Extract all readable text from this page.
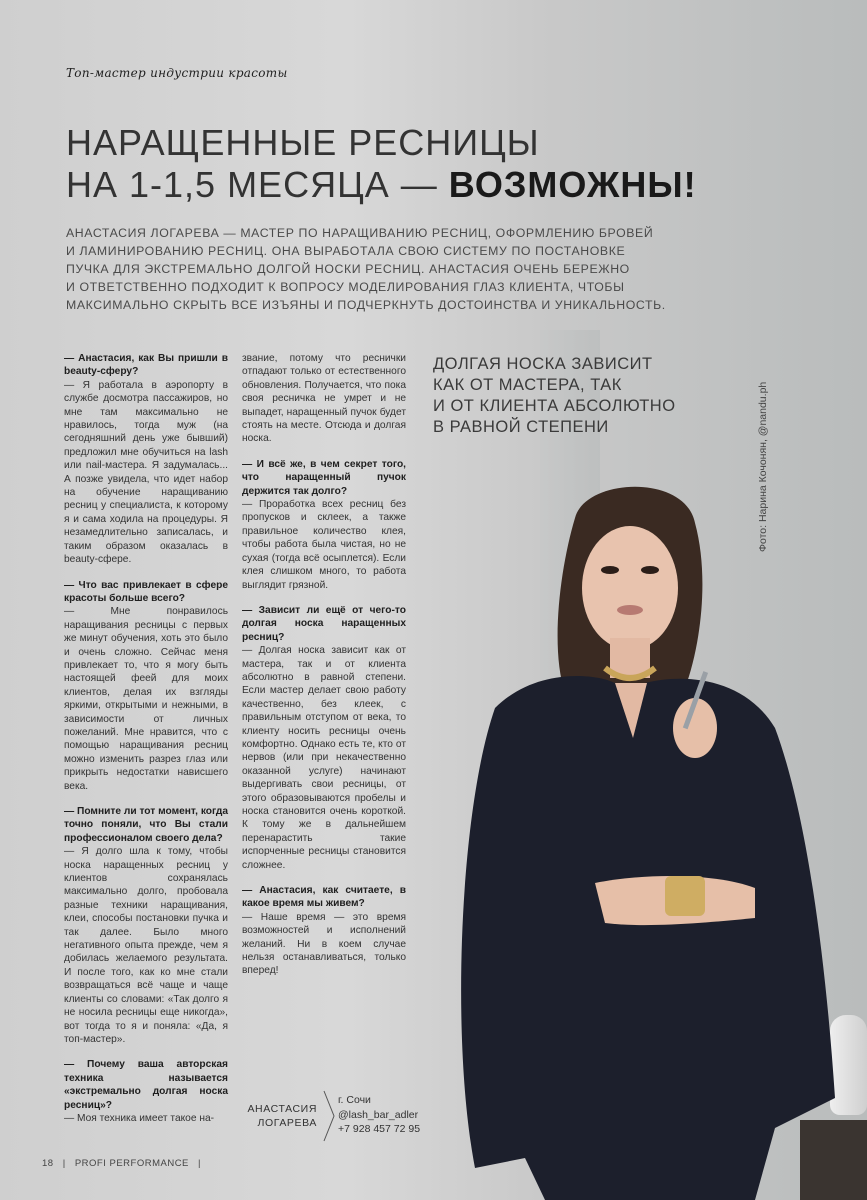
Топ-мастер индустрии красоты
НАРАЩЕННЫЕ РЕСНИЦЫ
НА 1-1,5 МЕСЯЦА — ВОЗМОЖНЫ!

АНАСТАСИЯ ЛОГАРЕВА — МАСТЕР ПО НАРАЩИВАНИЮ РЕСНИЦ, ОФОРМЛЕНИЮ БРОВЕЙ
И ЛАМИНИРОВАНИЮ РЕСНИЦ. ОНА ВЫРАБОТАЛА СВОЮ СИСТЕМУ ПО ПОСТАНОВКЕ
ПУЧКА ДЛЯ ЭКСТРЕМАЛЬНО ДОЛГОЙ НОСКИ РЕСНИЦ. АНАСТАСИЯ ОЧЕНЬ БЕРЕЖНО
И ОТВЕТСТВЕННО ПОДХОДИТ К ВОПРОСУ МОДЕЛИРОВАНИЯ ГЛАЗ КЛИЕНТА, ЧТОБЫ
МАКСИМАЛЬНО СКРЫТЬ ВСЕ ИЗЪЯНЫ И ПОДЧЕРКНУТЬ ДОСТОИНСТВА И УНИКАЛЬНОСТЬ.

— Анастасия, как Вы пришли в beauty-сферу?
— Я работала в аэропорту в службе досмотра пассажиров, но мне там максимально не нравилось, тогда муж (на сегодняшний день уже бывший) предложил мне обучиться на lash или nail-мастера. Я задумалась... А позже увидела, что идет набор на обучение наращиванию ресниц у специалиста, к которому я и сама ходила на процедуры. Я незамедлительно записалась, и таким образом оказалась в beauty-сфере.
— Что вас привлекает в сфере красоты больше всего?
— Мне понравилось наращивания ресницы с первых же минут обучения, хоть это было и очень сложно. Сейчас меня привлекает то, что я могу быть настоящей феей для моих клиентов, делая их взгляды яркими, открытыми и нежными, в зависимости от личных пожеланий. Мне нравится, что с помощью наращивания ресниц можно изменить разрез глаз или прикрыть недостатки нависшего века.
— Помните ли тот момент, когда точно поняли, что Вы стали профессионалом своего дела?
— Я долго шла к тому, чтобы носка наращенных ресниц у клиентов сохранялась максимально долго, пробовала разные техники наращивания, клеи, способы постановки пучка и так далее. Было много негативного опыта прежде, чем я добилась желаемого результата. И после того, как ко мне стали возвращаться всё чаще и чаще клиенты со словами: «Так долго я не носила ресницы еще никогда», вот тогда то я и поняла: «Да, я топ-мастер».
— Почему ваша авторская техника называется «экстремально долгая носка ресниц»?
— Моя техника имеет такое на-
звание, потому что реснички отпадают только от естественного обновления. Получается, что пока своя ресничка не умрет и не выпадет, наращенный пучок будет стоять на месте. Отсюда и долгая носка.
— И всё же, в чем секрет того, что наращенный пучок держится так долго?
— Проработка всех ресниц без пропусков и склеек, а также правильное количество клея, чтобы работа была чистая, но не сухая (тогда всё осыплется). Если клея слишком много, то работа выглядит грязной.
— Зависит ли ещё от чего-то долгая носка наращенных ресниц?
— Долгая носка зависит как от мастера, так и от клиента абсолютно в равной степени. Если мастер делает свою работу качественно, без клеек, с правильным отступом от века, то клиенту носить ресницы очень комфортно. Однако есть те, кто от нервов (или при некачественно оказанной услуге) начинают выдергивать свои ресницы, от этого образовываются пробелы и носка становится очень короткой. К тому же в дальнейшем перенарастить такие испорченные ресницы становится сложнее.
— Анастасия, как считаете, в какое время мы живем?
— Наше время — это время возможностей и исполнений желаний. Ни в коем случае нельзя останавливаться, только вперед!

ДОЛГАЯ НОСКА ЗАВИСИТ
КАК ОТ МАСТЕРА, ТАК
И ОТ КЛИЕНТА АБСОЛЮТНО
В РАВНОЙ СТЕПЕНИ	Фото: Нарина Кочонян, @nandu.ph
АНАСТАСИЯ
ЛОГАРЕВА
г. Сочи
@lash_bar_adler
+7 928 457 72 95
18 | PROFI PERFORMANCE |
